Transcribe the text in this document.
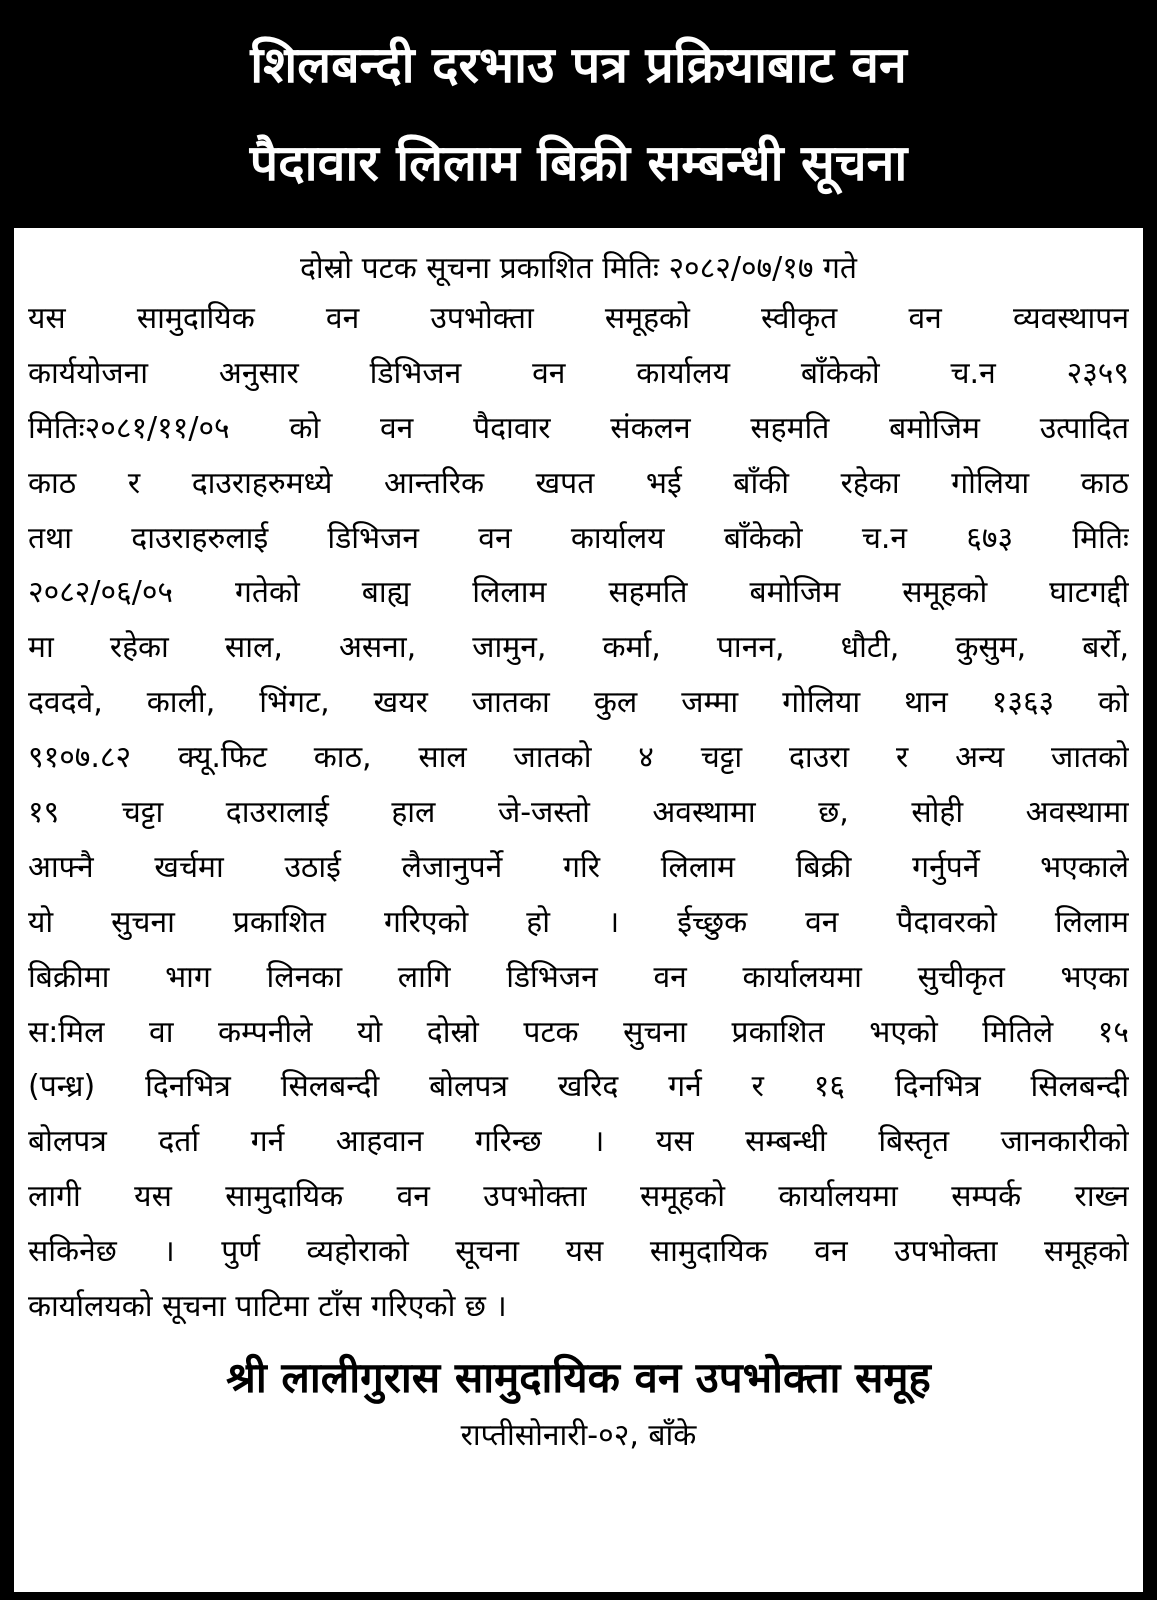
शिलबन्दी दरभाउ पत्र प्रक्रियाबाट वन
पैदावार लिलाम बिक्री सम्बन्धी सूचना
दोस्रो पटक सूचना प्रकाशित मितिः २०८२/०७/१७ गते
यस सामुदायिक वन उपभोक्ता समूहको स्वीकृत वन व्यवस्थापन
कार्ययोजना अनुसार डिभिजन वन कार्यालय बाँकेको च.न २३५९
मितिः२०८१/११/०५ को वन पैदावार संकलन सहमति बमोजिम उत्पादित
काठ र दाउराहरुमध्ये आन्तरिक खपत भई बाँकी रहेका गोलिया काठ
तथा दाउराहरुलाई डिभिजन वन कार्यालय बाँकेको च.न ६७३ मितिः
२०८२/०६/०५ गतेको बाह्य लिलाम सहमति बमोजिम समूहको घाटगद्दी
मा रहेका साल, असना, जामुन, कर्मा, पानन, धौटी, कुसुम, बर्रो,
दवदवे, काली, भिंगट, खयर जातका कुल जम्मा गोलिया थान १३६३ को
९१०७.८२ क्यू.फिट काठ, साल जातको ४ चट्टा दाउरा र अन्य जातको
१९ चट्टा दाउरालाई हाल जे-जस्तो अवस्थामा छ, सोही अवस्थामा
आफ्नै खर्चमा उठाई लैजानुपर्ने गरि लिलाम बिक्री गर्नुपर्ने भएकाले
यो सुचना प्रकाशित गरिएको हो । ईच्छुक वन पैदावरको लिलाम
बिक्रीमा भाग लिनका लागि डिभिजन वन कार्यालयमा सुचीकृत भएका
स:मिल वा कम्पनीले यो दोस्रो पटक सुचना प्रकाशित भएको मितिले १५
(पन्ध्र) दिनभित्र सिलबन्दी बोलपत्र खरिद गर्न र १६ दिनभित्र सिलबन्दी
बोलपत्र दर्ता गर्न आहवान गरिन्छ । यस सम्बन्धी बिस्तृत जानकारीको
लागी यस सामुदायिक वन उपभोक्ता समूहको कार्यालयमा सम्पर्क राख्न
सकिनेछ । पुर्ण व्यहोराको सूचना यस सामुदायिक वन उपभोक्ता समूहको
कार्यालयको सूचना पाटिमा टाँस गरिएको छ ।
श्री लालीगुरास सामुदायिक वन उपभोक्ता समूह
राप्तीसोनारी-०२, बाँके
